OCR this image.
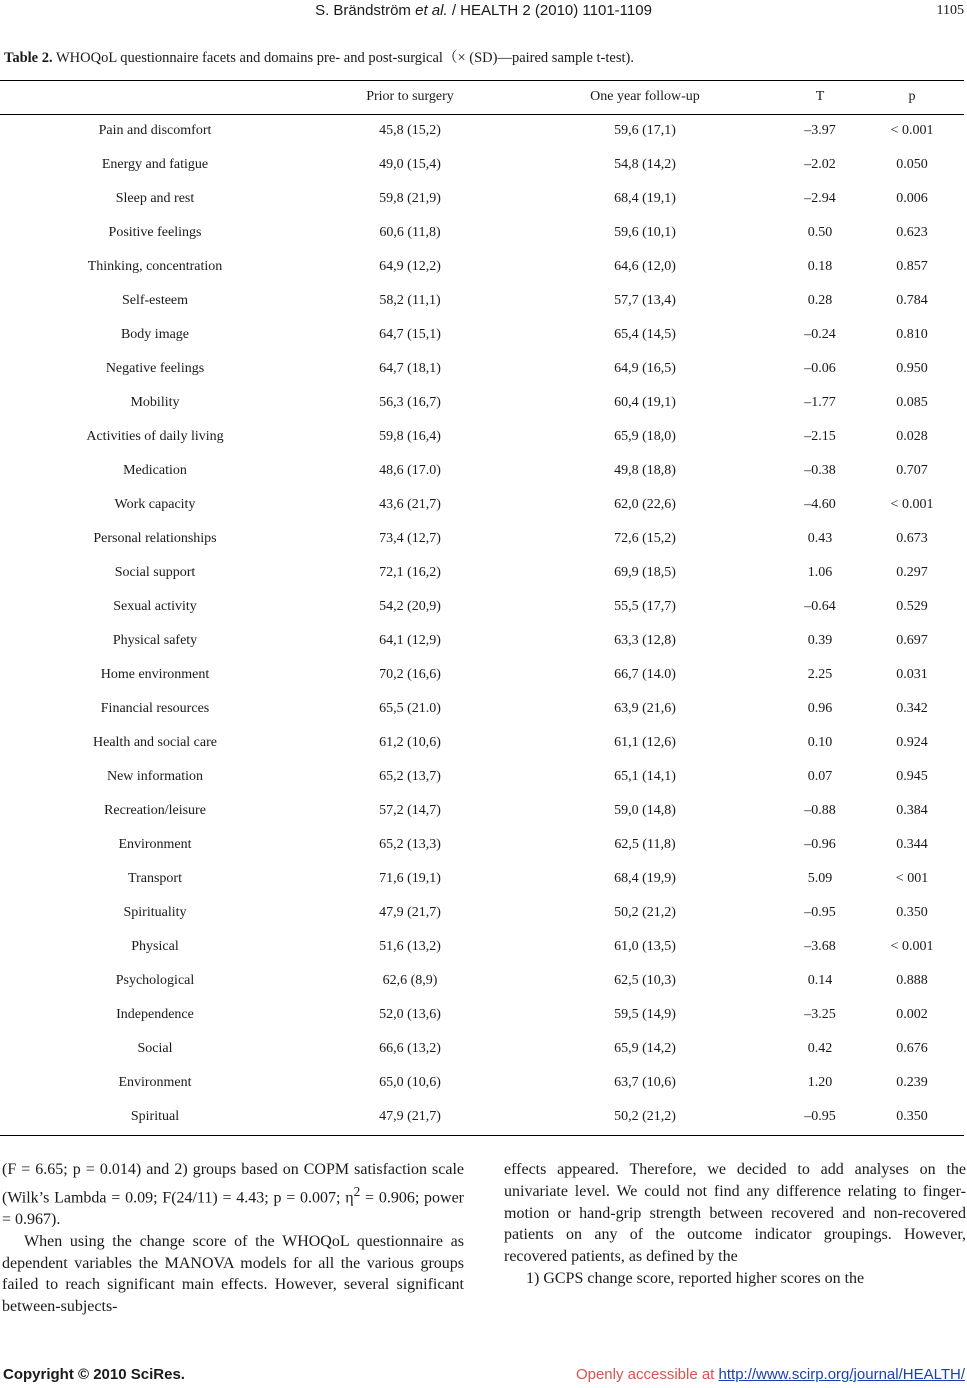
S. Brändström et al. / HEALTH 2 (2010) 1101-1109	1105
Table 2. WHOQoL questionnaire facets and domains pre- and post-surgical（× (SD)—paired sample t-test).
	Prior to surgery	One year follow-up	T	p
Pain and discomfort	45,8 (15,2)	59,6 (17,1)	–3.97	< 0.001
Energy and fatigue	49,0 (15,4)	54,8 (14,2)	–2.02	0.050
Sleep and rest	59,8 (21,9)	68,4 (19,1)	–2.94	0.006
Positive feelings	60,6 (11,8)	59,6 (10,1)	0.50	0.623
Thinking, concentration	64,9 (12,2)	64,6 (12,0)	0.18	0.857
Self-esteem	58,2 (11,1)	57,7 (13,4)	0.28	0.784
Body image	64,7 (15,1)	65,4 (14,5)	–0.24	0.810
Negative feelings	64,7 (18,1)	64,9 (16,5)	–0.06	0.950
Mobility	56,3 (16,7)	60,4 (19,1)	–1.77	0.085
Activities of daily living	59,8 (16,4)	65,9 (18,0)	–2.15	0.028
Medication	48,6 (17.0)	49,8 (18,8)	–0.38	0.707
Work capacity	43,6 (21,7)	62,0 (22,6)	–4.60	< 0.001
Personal relationships	73,4 (12,7)	72,6 (15,2)	0.43	0.673
Social support	72,1 (16,2)	69,9 (18,5)	1.06	0.297
Sexual activity	54,2 (20,9)	55,5 (17,7)	–0.64	0.529
Physical safety	64,1 (12,9)	63,3 (12,8)	0.39	0.697
Home environment	70,2 (16,6)	66,7 (14.0)	2.25	0.031
Financial resources	65,5 (21.0)	63,9 (21,6)	0.96	0.342
Health and social care	61,2 (10,6)	61,1 (12,6)	0.10	0.924
New information	65,2 (13,7)	65,1 (14,1)	0.07	0.945
Recreation/leisure	57,2 (14,7)	59,0 (14,8)	–0.88	0.384
Environment	65,2 (13,3)	62,5 (11,8)	–0.96	0.344
Transport	71,6 (19,1)	68,4 (19,9)	5.09	< 001
Spirituality	47,9 (21,7)	50,2 (21,2)	–0.95	0.350
Physical	51,6 (13,2)	61,0 (13,5)	–3.68	< 0.001
Psychological	62,6 (8,9)	62,5 (10,3)	0.14	0.888
Independence	52,0 (13,6)	59,5 (14,9)	–3.25	0.002
Social	66,6 (13,2)	65,9 (14,2)	0.42	0.676
Environment	65,0 (10,6)	63,7 (10,6)	1.20	0.239
Spiritual	47,9 (21,7)	50,2 (21,2)	–0.95	0.350

(F = 6.65; p = 0.014) and 2) groups based on COPM satisfaction scale (Wilk’s Lambda = 0.09; F(24/11) = 4.43; p = 0.007; $\eta^2 = 0.906$; power = 0.967).

When using the change score of the WHOQoL questionnaire as dependent variables the MANOVA models for all the various groups failed to reach significant main effects. However, several significant between-subjects-

effects appeared. Therefore, we decided to add analyses on the univariate level. We could not find any difference relating to finger-motion or hand-grip strength between recovered and non-recovered patients on any of the outcome indicator groupings. However, recovered patients, as defined by the

1) GCPS change score, reported higher scores on the

Copyright © 2010 SciRes.	Openly accessible at http://www.scirp.org/journal/HEALTH/
